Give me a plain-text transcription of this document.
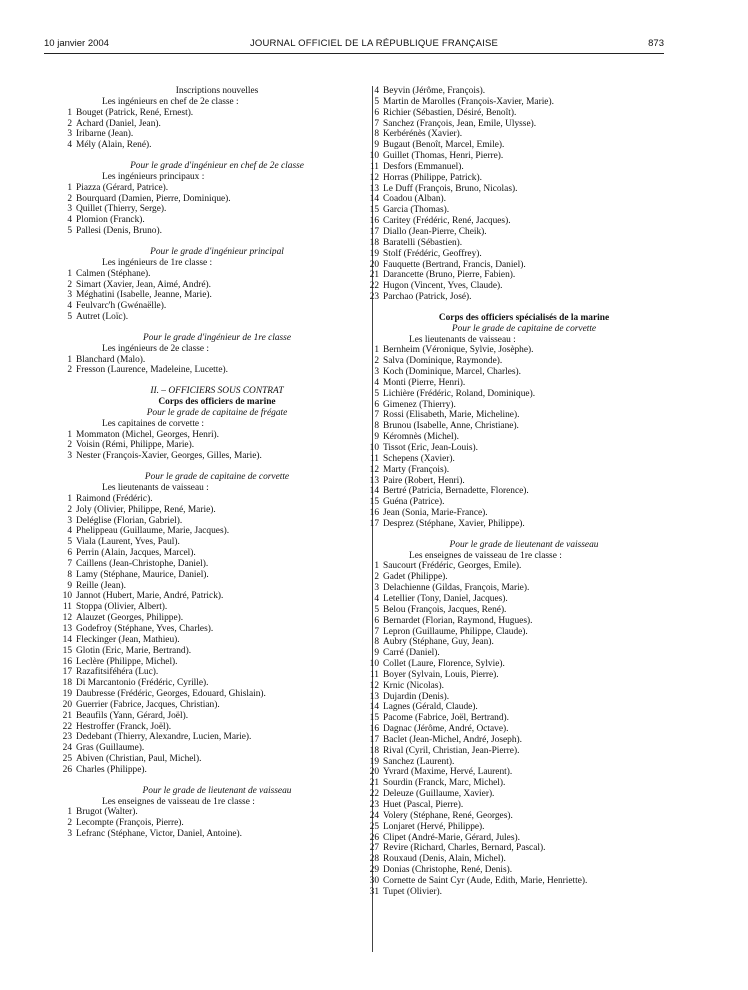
10 janvier 2004	JOURNAL OFFICIEL DE LA RÉPUBLIQUE FRANÇAISE	873
Inscriptions nouvelles
Les ingénieurs en chef de 2e classe :
1 Bouget (Patrick, René, Ernest).
2 Achard (Daniel, Jean).
3 Iribarne (Jean).
4 Mély (Alain, René).
Pour le grade d'ingénieur en chef de 2e classe
Les ingénieurs principaux :
1 Piazza (Gérard, Patrice).
2 Bourquard (Damien, Pierre, Dominique).
3 Quillet (Thierry, Serge).
4 Plomion (Franck).
5 Pallesi (Denis, Bruno).
Pour le grade d'ingénieur principal
Les ingénieurs de 1re classe :
1 Calmen (Stéphane).
2 Simart (Xavier, Jean, Aimé, André).
3 Méghatini (Isabelle, Jeanne, Marie).
4 Feulvarc'h (Gwénaëlle).
5 Autret (Loïc).
Pour le grade d'ingénieur de 1re classe
Les ingénieurs de 2e classe :
1 Blanchard (Malo).
2 Fresson (Laurence, Madeleine, Lucette).
II. – OFFICIERS SOUS CONTRAT
Corps des officiers de marine
Pour le grade de capitaine de frégate
Les capitaines de corvette :
1 Mommaton (Michel, Georges, Henri).
2 Voisin (Rémi, Philippe, Marie).
3 Nester (François-Xavier, Georges, Gilles, Marie).
Pour le grade de capitaine de corvette
Les lieutenants de vaisseau :
1 Raimond (Frédéric).
2 Joly (Olivier, Philippe, René, Marie).
3 Deléglise (Florian, Gabriel).
4 Phelippeau (Guillaume, Marie, Jacques).
5 Viala (Laurent, Yves, Paul).
6 Perrin (Alain, Jacques, Marcel).
7 Caillens (Jean-Christophe, Daniel).
8 Lamy (Stéphane, Maurice, Daniel).
9 Reille (Jean).
10 Jannot (Hubert, Marie, André, Patrick).
11 Stoppa (Olivier, Albert).
12 Alauzet (Georges, Philippe).
13 Godefroy (Stéphane, Yves, Charles).
14 Fleckinger (Jean, Mathieu).
15 Glotin (Eric, Marie, Bertrand).
16 Leclère (Philippe, Michel).
17 Razafitsiféhéra (Luc).
18 Di Marcantonio (Frédéric, Cyrille).
19 Daubresse (Frédéric, Georges, Edouard, Ghislain).
20 Guerrier (Fabrice, Jacques, Christian).
21 Beaufils (Yann, Gérard, Joël).
22 Hestroffer (Franck, Joël).
23 Dedebant (Thierry, Alexandre, Lucien, Marie).
24 Gras (Guillaume).
25 Abiven (Christian, Paul, Michel).
26 Charles (Philippe).
Pour le grade de lieutenant de vaisseau
Les enseignes de vaisseau de 1re classe :
1 Brugot (Walter).
2 Lecompte (François, Pierre).
3 Lefranc (Stéphane, Victor, Daniel, Antoine).
4 Beyvin (Jérôme, François).
5 Martin de Marolles (François-Xavier, Marie).
6 Richier (Sébastien, Désiré, Benoît).
7 Sanchez (François, Jean, Emile, Ulysse).
8 Kerbérénès (Xavier).
9 Bugaut (Benoît, Marcel, Emile).
10 Guillet (Thomas, Henri, Pierre).
11 Desfors (Emmanuel).
12 Horras (Philippe, Patrick).
13 Le Duff (François, Bruno, Nicolas).
14 Coadou (Alban).
15 Garcia (Thomas).
16 Caritey (Frédéric, René, Jacques).
17 Diallo (Jean-Pierre, Cheik).
18 Baratelli (Sébastien).
19 Stolf (Frédéric, Geoffrey).
20 Fauquette (Bertrand, Francis, Daniel).
21 Darancette (Bruno, Pierre, Fabien).
22 Hugon (Vincent, Yves, Claude).
23 Parchao (Patrick, José).
Corps des officiers spécialisés de la marine
Pour le grade de capitaine de corvette
Les lieutenants de vaisseau :
1 Bernheim (Véronique, Sylvie, Josèphe).
2 Salva (Dominique, Raymonde).
3 Koch (Dominique, Marcel, Charles).
4 Monti (Pierre, Henri).
5 Lichière (Frédéric, Roland, Dominique).
6 Gimenez (Thierry).
7 Rossi (Elisabeth, Marie, Micheline).
8 Brunou (Isabelle, Anne, Christiane).
9 Kéromnès (Michel).
10 Tissot (Eric, Jean-Louis).
11 Schepens (Xavier).
12 Marty (François).
13 Paire (Robert, Henri).
14 Bertré (Patricia, Bernadette, Florence).
15 Guéna (Patrice).
16 Jean (Sonia, Marie-France).
17 Desprez (Stéphane, Xavier, Philippe).
Pour le grade de lieutenant de vaisseau
Les enseignes de vaisseau de 1re classe :
1 Saucourt (Frédéric, Georges, Emile).
2 Gadet (Philippe).
3 Delachienne (Gildas, François, Marie).
4 Letellier (Tony, Daniel, Jacques).
5 Belou (François, Jacques, René).
6 Bernardet (Florian, Raymond, Hugues).
7 Lepron (Guillaume, Philippe, Claude).
8 Aubry (Stéphane, Guy, Jean).
9 Carré (Daniel).
10 Collet (Laure, Florence, Sylvie).
11 Boyer (Sylvain, Louis, Pierre).
12 Krnic (Nicolas).
13 Dujardin (Denis).
14 Lagnes (Gérald, Claude).
15 Pacome (Fabrice, Joël, Bertrand).
16 Dagnac (Jérôme, André, Octave).
17 Baclet (Jean-Michel, André, Joseph).
18 Rival (Cyril, Christian, Jean-Pierre).
19 Sanchez (Laurent).
20 Yvrard (Maxime, Hervé, Laurent).
21 Sourdin (Franck, Marc, Michel).
22 Deleuze (Guillaume, Xavier).
23 Huet (Pascal, Pierre).
24 Volery (Stéphane, René, Georges).
25 Lonjaret (Hervé, Philippe).
26 Clipet (André-Marie, Gérard, Jules).
27 Revire (Richard, Charles, Bernard, Pascal).
28 Rouxaud (Denis, Alain, Michel).
29 Donias (Christophe, René, Denis).
30 Cornette de Saint Cyr (Aude, Edith, Marie, Henriette).
31 Tupet (Olivier).
